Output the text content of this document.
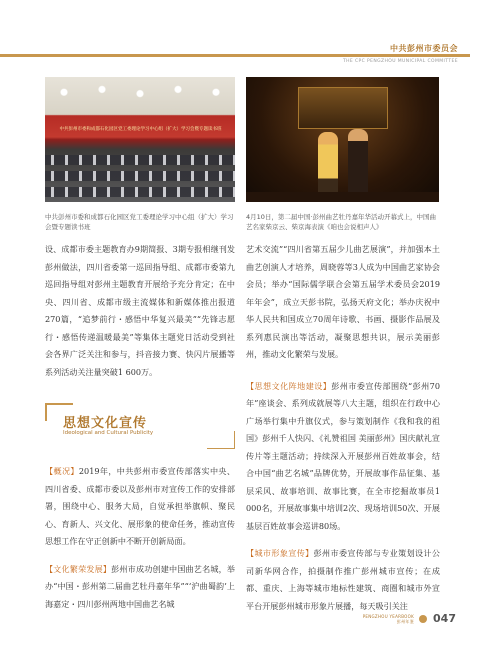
中共彭州市委员会
THE CPC PENGZHOU MUNICIPAL COMMITTEE
中共彭州市委和成都石化园区党工委理论学习中心组（扩大）学习会暨专题读书班
中共彭州市委和成都石化园区党工委理论学习中心组（扩大）学习会暨专题读书班
4月10日，第二届中国·彭州曲艺牡丹嘉年华活动开幕式上，中国曲艺名家柴京云、柴京海表演《咱也会说相声人》

设、成都市委主题教育办9期简报、3期专报相继刊发彭州做法，四川省委第一巡回指导组、成都市委第九巡回指导组对彭州主题教育开展给予充分肯定；在中央、四川省、成都市级主流媒体和新媒体推出报道270篇，“追梦前行・感悟中华复兴最美”“先锋志愿行・感悟传递温暖最美”等集体主题党日活动受到社会各界广泛关注和参与，抖音接力赛、快闪片展播等系列活动关注量突破1 600万。

思想文化宣传
Ideological and Cultural Publicity

【概况】2019年，中共彭州市委宣传部落实中央、四川省委、成都市委以及彭州市对宣传工作的安排部署，围绕中心、服务大局，自觉承担举旗帜、聚民心、育新人、兴文化、展形象的使命任务，推动宣传思想工作在守正创新中不断开创新局面。

【文化繁荣发展】彭州市成功创建中国曲艺名城，举办“中国・彭州第二届曲艺牡丹嘉年华”“‘沪曲蜀韵’上海嘉定・四川彭州两地中国曲艺名城

艺术交流”“四川省第五届少儿曲艺展演”，并加强本土曲艺创演人才培养，周晓蓉等3人成为中国曲艺家协会会员；举办“国际儒学联合会第五届学术委员会2019年年会”，成立天彭书院，弘扬天府文化；举办庆祝中华人民共和国成立70周年诗歌、书画、摄影作品展及系列惠民演出等活动，凝聚思想共识，展示美丽彭州，推动文化繁荣与发展。

【思想文化阵地建设】彭州市委宣传部围绕“彭州70年”座谈会、系列成就展等八大主题，组织在行政中心广场举行集中升旗仪式，参与策划制作《我和我的祖国》彭州千人快闪、《礼赞祖国 美丽彭州》国庆献礼宣传片等主题活动；持续深入开展彭州百姓故事会，结合中国“曲艺名城”品牌优势，开展故事作品征集、基层采风、故事培训、故事比赛，在全市挖掘故事员1 000名，开展故事集中培训2次、现场培训50次、开展基层百姓故事会巡讲80场。

【城市形象宣传】彭州市委宣传部与专业策划设计公司新华网合作，拍摄制作推广彭州城市宣传；在成都、重庆、上海等城市地标性建筑、商圈和城市外宣平台开展彭州城市形象片展播，每天吸引关注

PENGZHOU YEARBOOK
彭州年鉴 047
